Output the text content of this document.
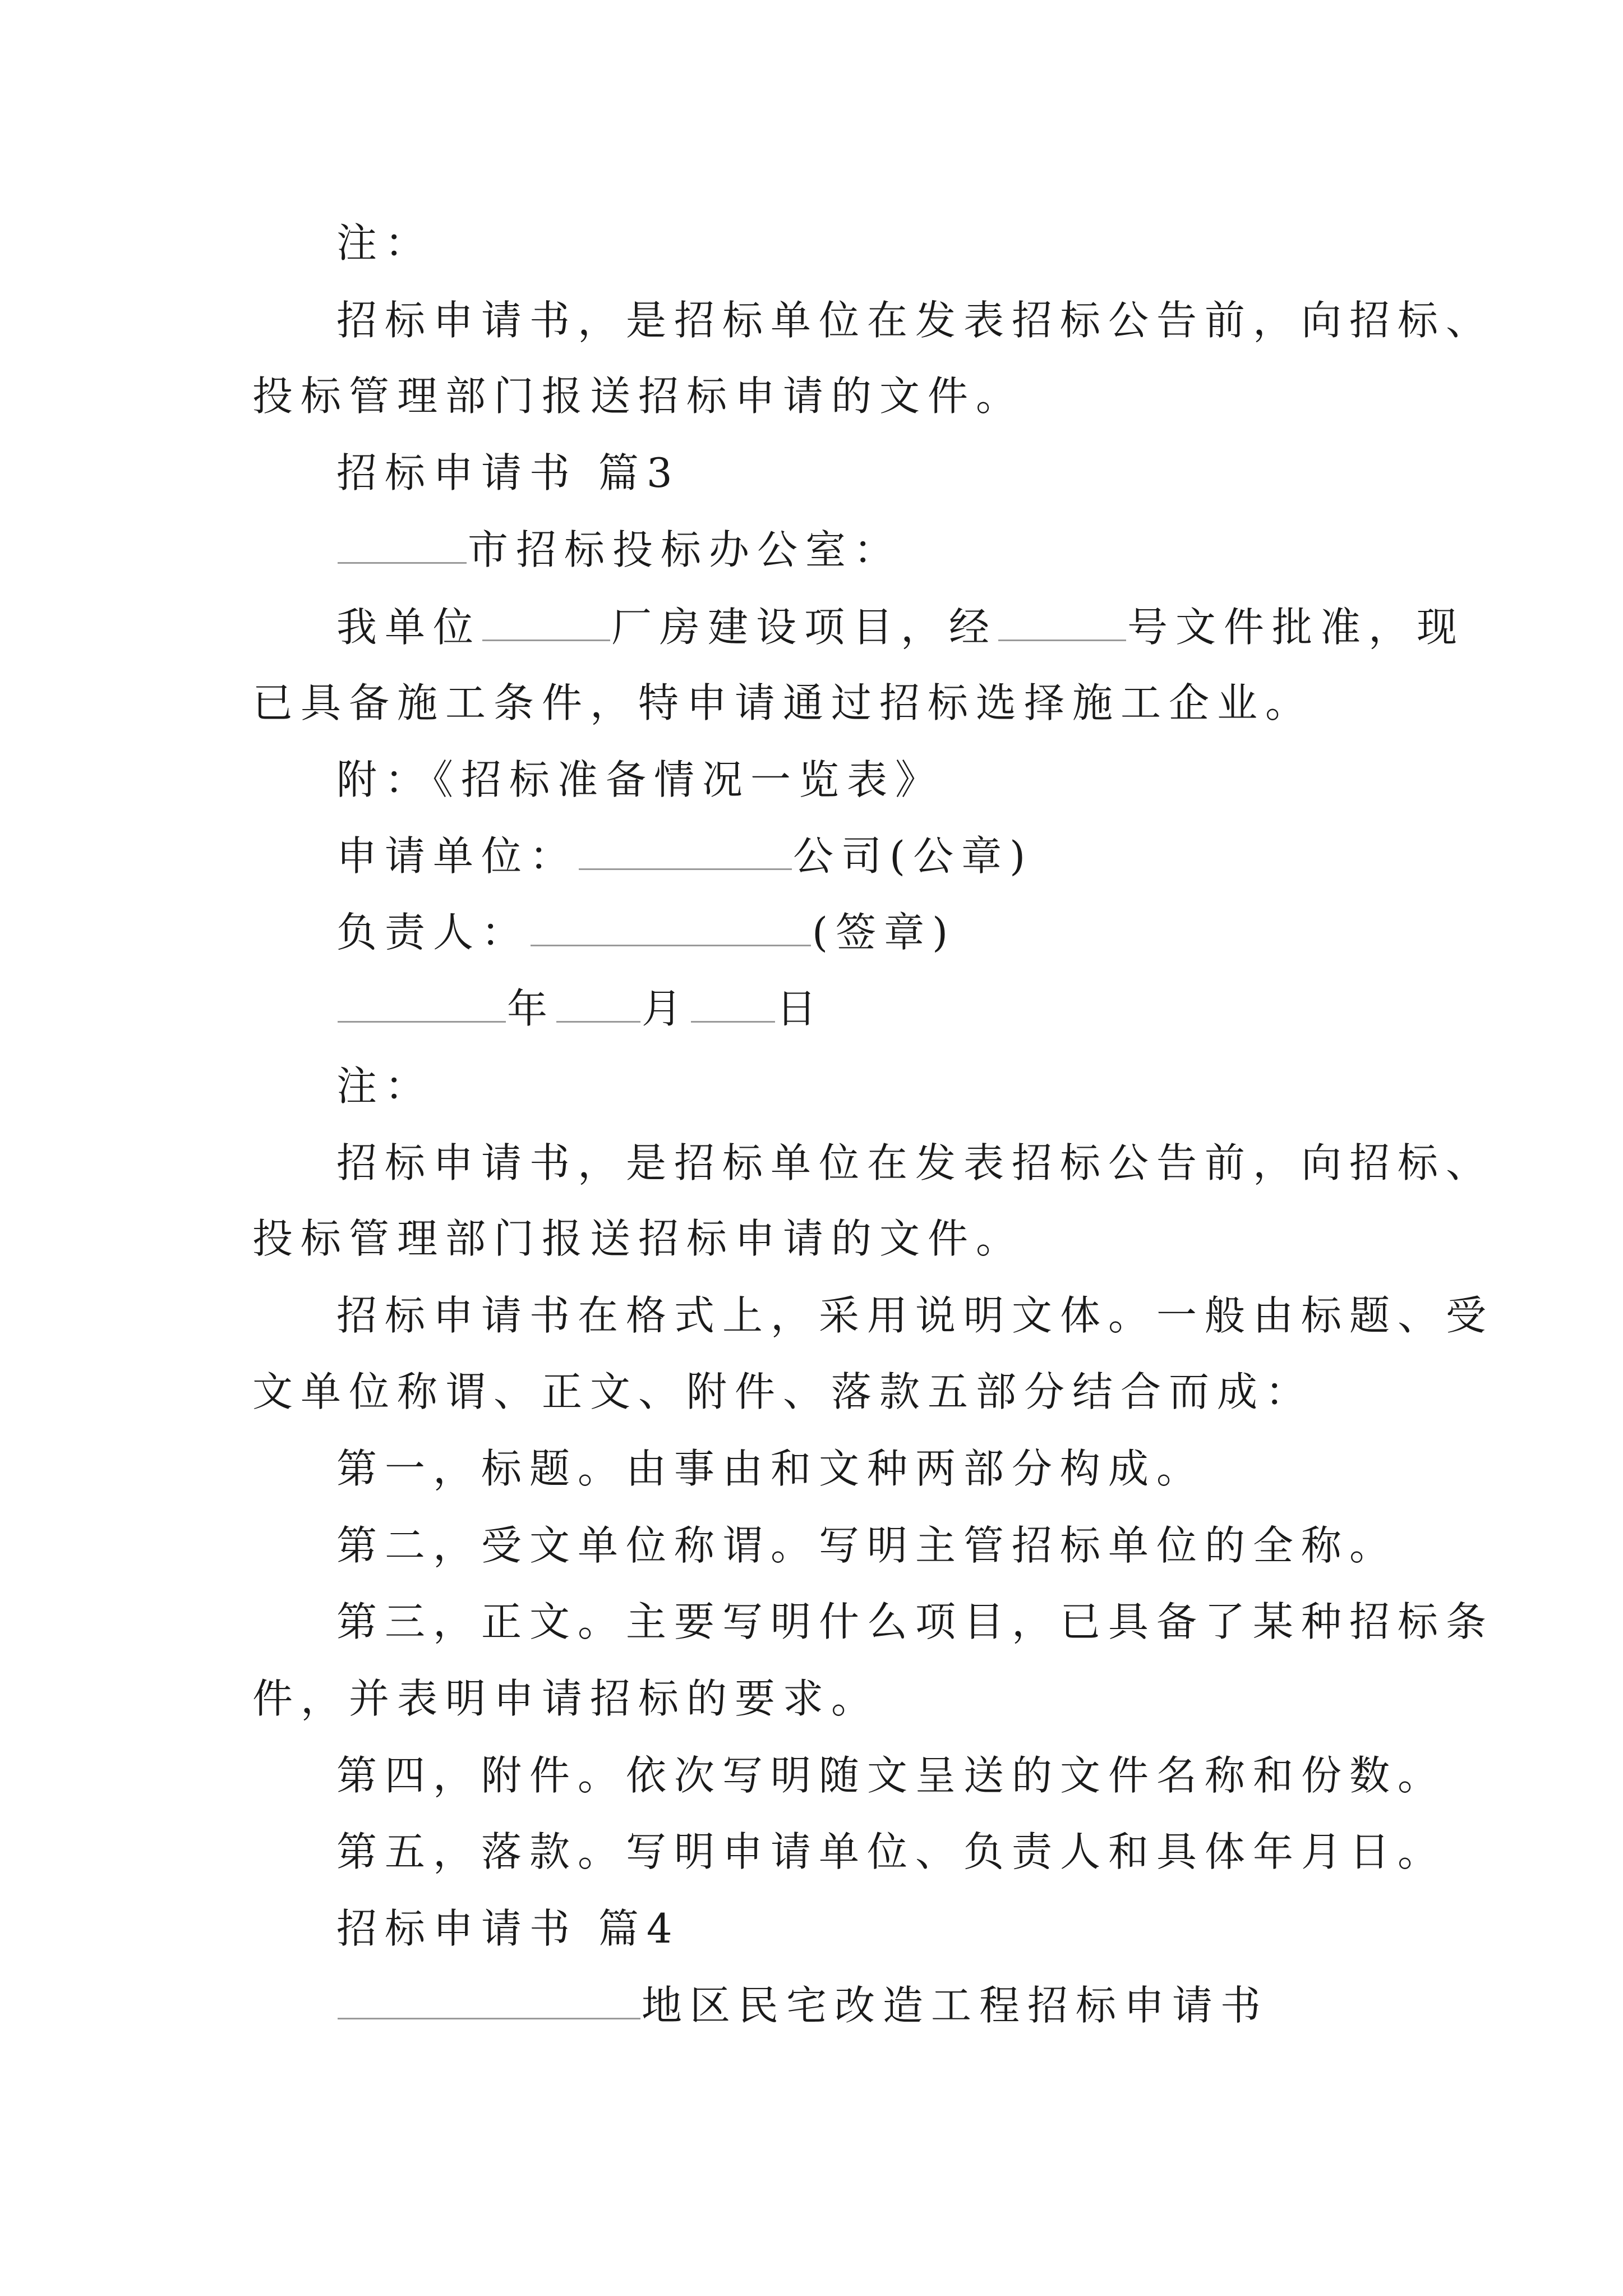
注：
招标申请书，是招标单位在发表招标公告前，向招标、
投标管理部门报送招标申请的文件。
招标申请书 篇3
市招标投标办公室：
我单位	厂房建设项目，经	号文件批准，现
已具备施工条件，特申请通过招标选择施工企业。
附：《招标准备情况一览表》
申请单位：	公司(公章)
负责人：	(签章)
年 月 日
注：
招标申请书，是招标单位在发表招标公告前，向招标、
投标管理部门报送招标申请的文件。
招标申请书在格式上，采用说明文体。一般由标题、受
文单位称谓、正文、附件、落款五部分结合而成：
第一，标题。由事由和文种两部分构成。
第二，受文单位称谓。写明主管招标单位的全称。
第三，正文。主要写明什么项目，已具备了某种招标条
件，并表明申请招标的要求。
第四，附件。依次写明随文呈送的文件名称和份数。
第五，落款。写明申请单位、负责人和具体年月日。
招标申请书 篇4
地区民宅改造工程招标申请书
